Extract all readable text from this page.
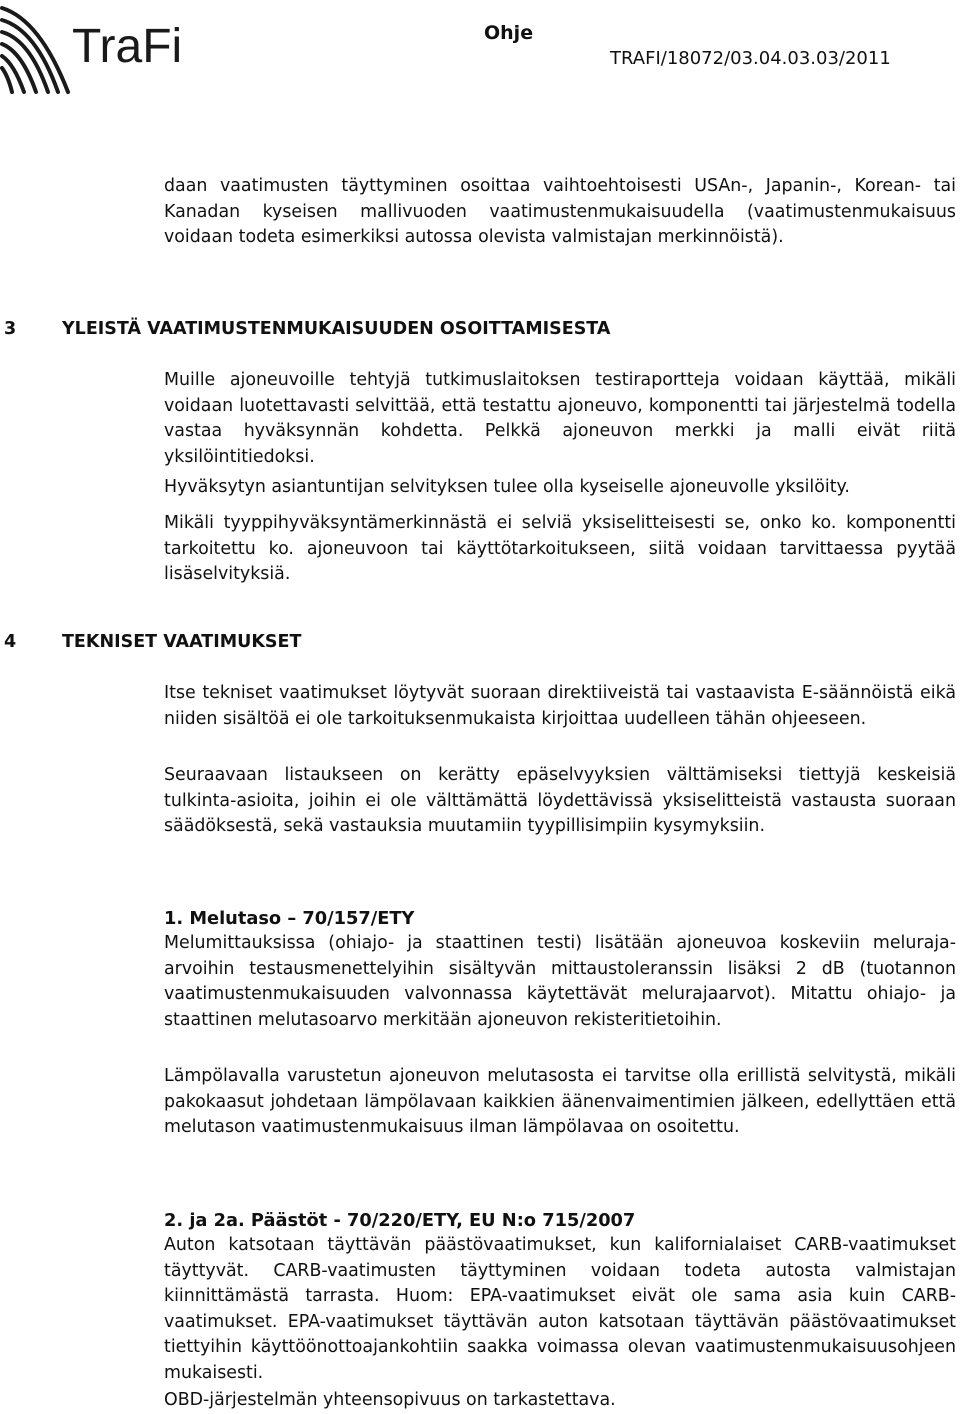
TraFi	Ohje
TRAFI/18072/03.04.03.03/2011

daan vaatimusten täyttyminen osoittaa vaihtoehtoisesti USAn-, Japanin-, Korean- tai Kanadan kyseisen mallivuoden vaatimustenmukaisuudella (vaatimustenmukaisuus voidaan todeta esimerkiksi autossa olevista valmistajan merkinnöistä).

3	YLEISTÄ VAATIMUSTENMUKAISUUDEN OSOITTAMISESTA

Muille ajoneuvoille tehtyjä tutkimuslaitoksen testiraportteja voidaan käyttää, mikäli voidaan luotettavasti selvittää, että testattu ajoneuvo, komponentti tai järjestelmä todella vastaa hyväksynnän kohdetta. Pelkkä ajoneuvon merkki ja malli eivät riitä yksilöintitiedoksi.

Hyväksytyn asiantuntijan selvityksen tulee olla kyseiselle ajoneuvolle yksilöity.

Mikäli tyyppihyväksyntämerkinnästä ei selviä yksiselitteisesti se, onko ko. komponentti tarkoitettu ko. ajoneuvoon tai käyttötarkoitukseen, siitä voidaan tarvittaessa pyytää lisäselvityksiä.

4	TEKNISET VAATIMUKSET

Itse tekniset vaatimukset löytyvät suoraan direktiiveistä tai vastaavista E-säännöistä eikä niiden sisältöä ei ole tarkoituksenmukaista kirjoittaa uudelleen tähän ohjeeseen.

Seuraavaan listaukseen on kerätty epäselvyyksien välttämiseksi tiettyjä keskeisiä tulkinta-asioita, joihin ei ole välttämättä löydettävissä yksiselitteistä vastausta suoraan säädöksestä, sekä vastauksia muutamiin tyypillisimpiin kysymyksiin.

1. Melutaso – 70/157/ETY

Melumittauksissa (ohiajo- ja staattinen testi) lisätään ajoneuvoa koskeviin meluraja-arvoihin testausmenettelyihin sisältyvän mittaustoleranssin lisäksi 2 dB (tuotannon vaatimustenmukaisuuden valvonnassa käytettävät melurajaarvot). Mitattu ohiajo- ja staattinen melutasoarvo merkitään ajoneuvon rekisteritietoihin.

Lämpölavalla varustetun ajoneuvon melutasosta ei tarvitse olla erillistä selvitystä, mikäli pakokaasut johdetaan lämpölavaan kaikkien äänenvaimentimien jälkeen, edellyttäen että melutason vaatimustenmukaisuus ilman lämpölavaa on osoitettu.

2. ja 2a. Päästöt - 70/220/ETY, EU N:o 715/2007

Auton katsotaan täyttävän päästövaatimukset, kun kalifornialaiset CARB-vaatimukset täyttyvät. CARB-vaatimusten täyttyminen voidaan todeta autosta valmistajan kiinnittämästä tarrasta. Huom: EPA-vaatimukset eivät ole sama asia kuin CARB-vaatimukset. EPA-vaatimukset täyttävän auton katsotaan täyttävän päästövaatimukset tiettyihin käyttöönottoajankohtiin saakka voimassa olevan vaatimustenmukaisuusohjeen mukaisesti.

OBD-järjestelmän yhteensopivuus on tarkastettava.
